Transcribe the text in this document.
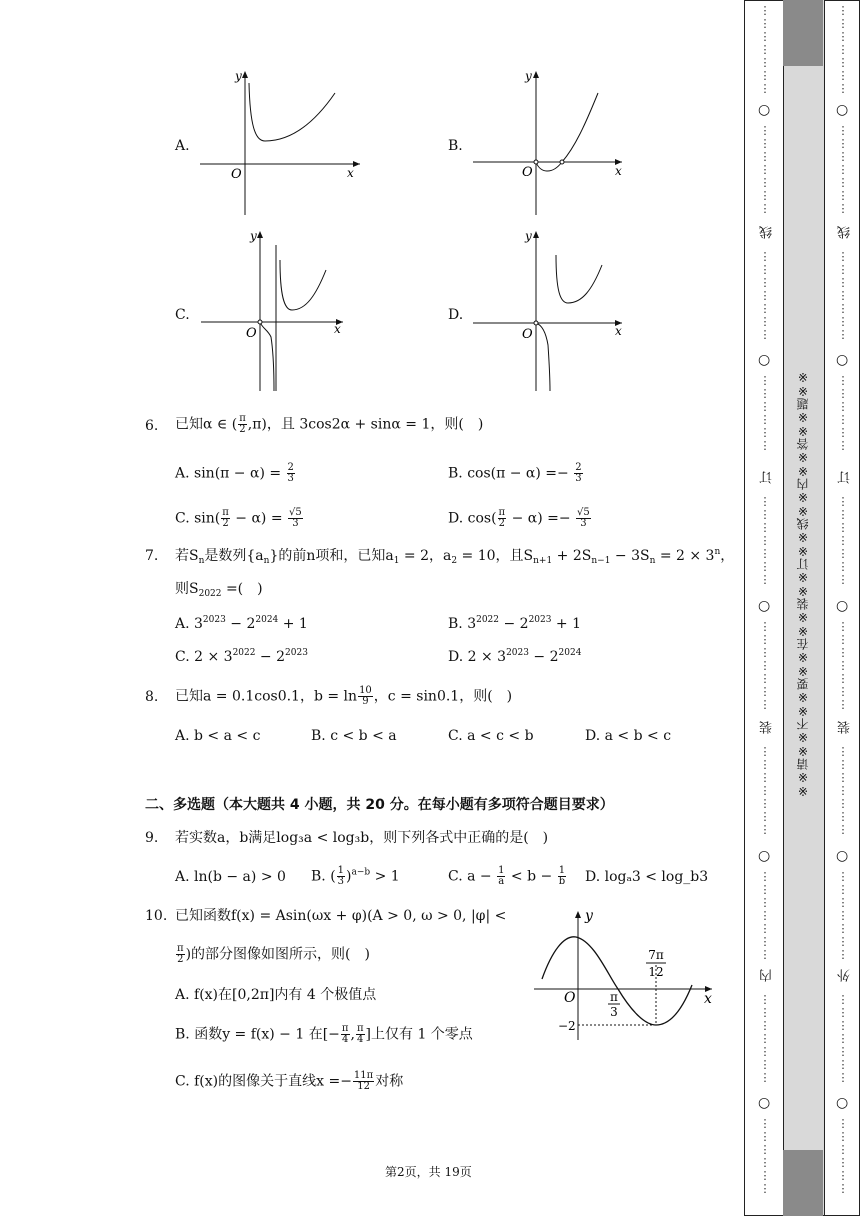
A.
y
O	x
B.
y
O	x
C.
y
O	x
D.
y
O	x
6. 已知α ∈ ( $\frac{\pi}{2} ,\pi$)，且 3cos2α + sinα = 1，则(　)
A. $\sin(\pi - \alpha) = \frac{2}{3}$	B. $\cos(\pi - \alpha) =- \frac{2}{3}$
C. $\sin( \frac{\pi}{2} - \alpha) = \frac{√5}{3}$	D. $\cos( \frac{\pi}{2} - \alpha) =- \frac{√5}{3}$
7. 若$S_n$是数列$\{a_n\}$的前n项和，已知$a_1 = 2$，$a_2 = 10$，且$S_{n+1} + 2S_{n-1} - 3S_n = 2 \times 3^n$，
则$S_{2022}$ =(　)
A. $3^{2023} - 2^{2024} + 1$	B. $3^{2022} - 2^{2023} + 1$
C. $2 \times 3^{2022} - 2^{2023}$	D. $2 \times 3^{2023} - 2^{2024}$
8. 已知a = 0.1cos0.1，$b = \ln \frac{10}{9}$ ，c = sin0.1，则(　)
A. b < a < c	B. c < b < a	C. a < c < b	D. a < b < c
二、多选题（本大题共 4 小题，共 20 分。在每小题有多项符合题目要求）
9. 若实数a，b满足log₃a < log₃b，则下列各式中正确的是(　)
A. ln(b − a) > 0 B. ( $\frac{1}{3} )^{a-b} > 1$	C. $a - \frac{1}{a} < b - \frac{1}{b} D$. logₐ3 < log_b3
10. 已知函数f(x) = Asin(ωx + φ)(A > 0, ω > 0, |φ| <
$\frac{\pi}{2}$ )的部分图像如图所示，则(　)
A. f(x)在[0,2π]内有 4 个极值点
B. 函数y = f(x) − 1 在[− $\frac{\pi}{4}$ , $\frac{\pi}{4}$ ]上仅有 1 个零点
C. f(x)的图像关于直线$x =- \frac{11\pi}{12}$ 对称
y
x
O	π
3
7π
12
−2
第2页，共 19页
⋮
⋮
⋮
⋮
⋮
⋮
⋮
○
⋮
⋮
⋮
⋮
⋮
⋮
⋮
线
⋮
⋮
⋮
⋮
⋮
⋮
⋮
○
⋮
⋮
⋮
⋮
⋮
⋮
订
⋮
⋮
⋮
⋮
⋮
⋮
⋮
○
⋮
⋮
⋮
⋮
⋮
⋮
⋮
装
⋮
⋮
⋮
⋮
⋮
⋮
⋮
○
⋮
⋮
⋮
⋮
⋮
⋮
⋮
内
⋮
⋮
⋮
⋮
⋮
⋮
⋮
○
⋮
⋮
⋮
⋮
⋮
⋮
※※请※※不※※要※※在※※装※※订※※线※※内※※答※※题※※
⋮
⋮
⋮
⋮
⋮
⋮
⋮
○
⋮
⋮
⋮
⋮
⋮
⋮
⋮
线
⋮
⋮
⋮
⋮
⋮
⋮
⋮
○
⋮
⋮
⋮
⋮
⋮
⋮
订
⋮
⋮
⋮
⋮
⋮
⋮
⋮
○
⋮
⋮
⋮
⋮
⋮
⋮
⋮
装
⋮
⋮
⋮
⋮
⋮
⋮
⋮
○
⋮
⋮
⋮
⋮
⋮
⋮
⋮
外
⋮
⋮
⋮
⋮
⋮
⋮
⋮
○
⋮
⋮
⋮
⋮
⋮
⋮
